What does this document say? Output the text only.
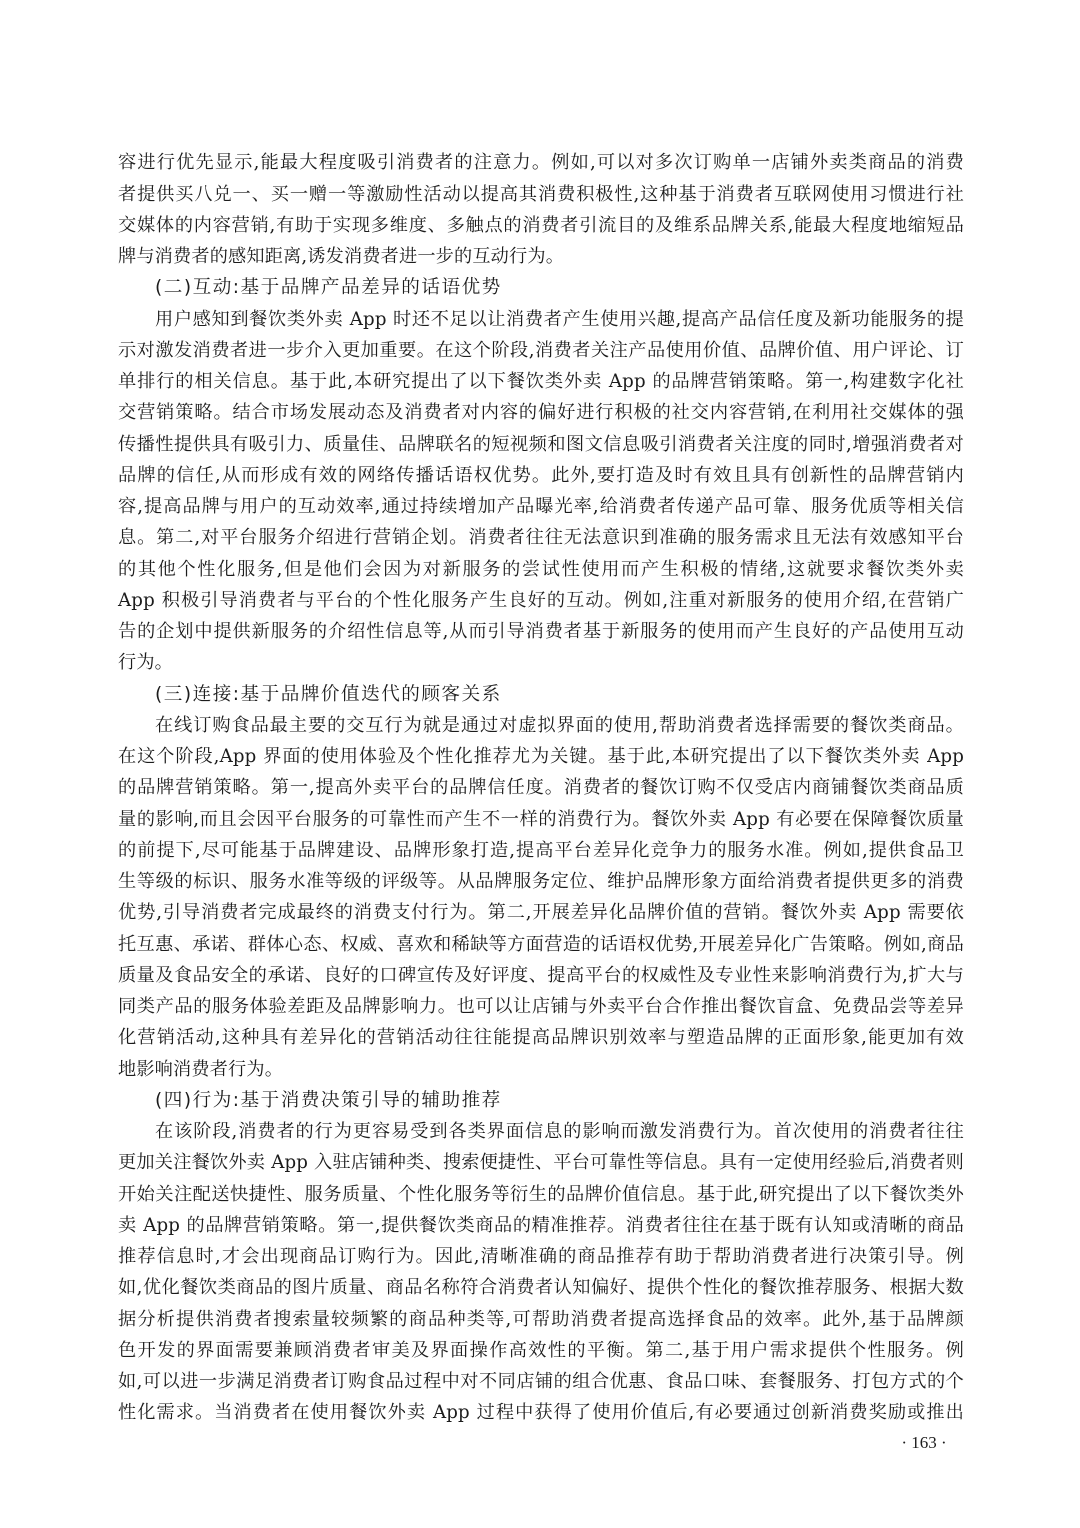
容进行优先显示,能最大程度吸引消费者的注意力。例如,可以对多次订购单一店铺外卖类商品的消费
者提供买八兑一、买一赠一等激励性活动以提高其消费积极性,这种基于消费者互联网使用习惯进行社
交媒体的内容营销,有助于实现多维度、多触点的消费者引流目的及维系品牌关系,能最大程度地缩短品
牌与消费者的感知距离,诱发消费者进一步的互动行为。
(二)互动:基于品牌产品差异的话语优势
用户感知到餐饮类外卖 App 时还不足以让消费者产生使用兴趣,提高产品信任度及新功能服务的提
示对激发消费者进一步介入更加重要。在这个阶段,消费者关注产品使用价值、品牌价值、用户评论、订
单排行的相关信息。基于此,本研究提出了以下餐饮类外卖 App 的品牌营销策略。第一,构建数字化社
交营销策略。结合市场发展动态及消费者对内容的偏好进行积极的社交内容营销,在利用社交媒体的强
传播性提供具有吸引力、质量佳、品牌联名的短视频和图文信息吸引消费者关注度的同时,增强消费者对
品牌的信任,从而形成有效的网络传播话语权优势。此外,要打造及时有效且具有创新性的品牌营销内
容,提高品牌与用户的互动效率,通过持续增加产品曝光率,给消费者传递产品可靠、服务优质等相关信
息。第二,对平台服务介绍进行营销企划。消费者往往无法意识到准确的服务需求且无法有效感知平台
的其他个性化服务,但是他们会因为对新服务的尝试性使用而产生积极的情绪,这就要求餐饮类外卖
App 积极引导消费者与平台的个性化服务产生良好的互动。例如,注重对新服务的使用介绍,在营销广
告的企划中提供新服务的介绍性信息等,从而引导消费者基于新服务的使用而产生良好的产品使用互动
行为。
(三)连接:基于品牌价值迭代的顾客关系
在线订购食品最主要的交互行为就是通过对虚拟界面的使用,帮助消费者选择需要的餐饮类商品。
在这个阶段,App 界面的使用体验及个性化推荐尤为关键。基于此,本研究提出了以下餐饮类外卖 App
的品牌营销策略。第一,提高外卖平台的品牌信任度。消费者的餐饮订购不仅受店内商铺餐饮类商品质
量的影响,而且会因平台服务的可靠性而产生不一样的消费行为。餐饮外卖 App 有必要在保障餐饮质量
的前提下,尽可能基于品牌建设、品牌形象打造,提高平台差异化竞争力的服务水准。例如,提供食品卫
生等级的标识、服务水准等级的评级等。从品牌服务定位、维护品牌形象方面给消费者提供更多的消费
优势,引导消费者完成最终的消费支付行为。第二,开展差异化品牌价值的营销。餐饮外卖 App 需要依
托互惠、承诺、群体心态、权威、喜欢和稀缺等方面营造的话语权优势,开展差异化广告策略。例如,商品
质量及食品安全的承诺、良好的口碑宣传及好评度、提高平台的权威性及专业性来影响消费行为,扩大与
同类产品的服务体验差距及品牌影响力。也可以让店铺与外卖平台合作推出餐饮盲盒、免费品尝等差异
化营销活动,这种具有差异化的营销活动往往能提高品牌识别效率与塑造品牌的正面形象,能更加有效
地影响消费者行为。
(四)行为:基于消费决策引导的辅助推荐
在该阶段,消费者的行为更容易受到各类界面信息的影响而激发消费行为。首次使用的消费者往往
更加关注餐饮外卖 App 入驻店铺种类、搜索便捷性、平台可靠性等信息。具有一定使用经验后,消费者则
开始关注配送快捷性、服务质量、个性化服务等衍生的品牌价值信息。基于此,研究提出了以下餐饮类外
卖 App 的品牌营销策略。第一,提供餐饮类商品的精准推荐。消费者往往在基于既有认知或清晰的商品
推荐信息时,才会出现商品订购行为。因此,清晰准确的商品推荐有助于帮助消费者进行决策引导。例
如,优化餐饮类商品的图片质量、商品名称符合消费者认知偏好、提供个性化的餐饮推荐服务、根据大数
据分析提供消费者搜索量较频繁的商品种类等,可帮助消费者提高选择食品的效率。此外,基于品牌颜
色开发的界面需要兼顾消费者审美及界面操作高效性的平衡。第二,基于用户需求提供个性服务。例
如,可以进一步满足消费者订购食品过程中对不同店铺的组合优惠、食品口味、套餐服务、打包方式的个
性化需求。当消费者在使用餐饮外卖 App 过程中获得了使用价值后,有必要通过创新消费奖励或推出
· 163 ·
